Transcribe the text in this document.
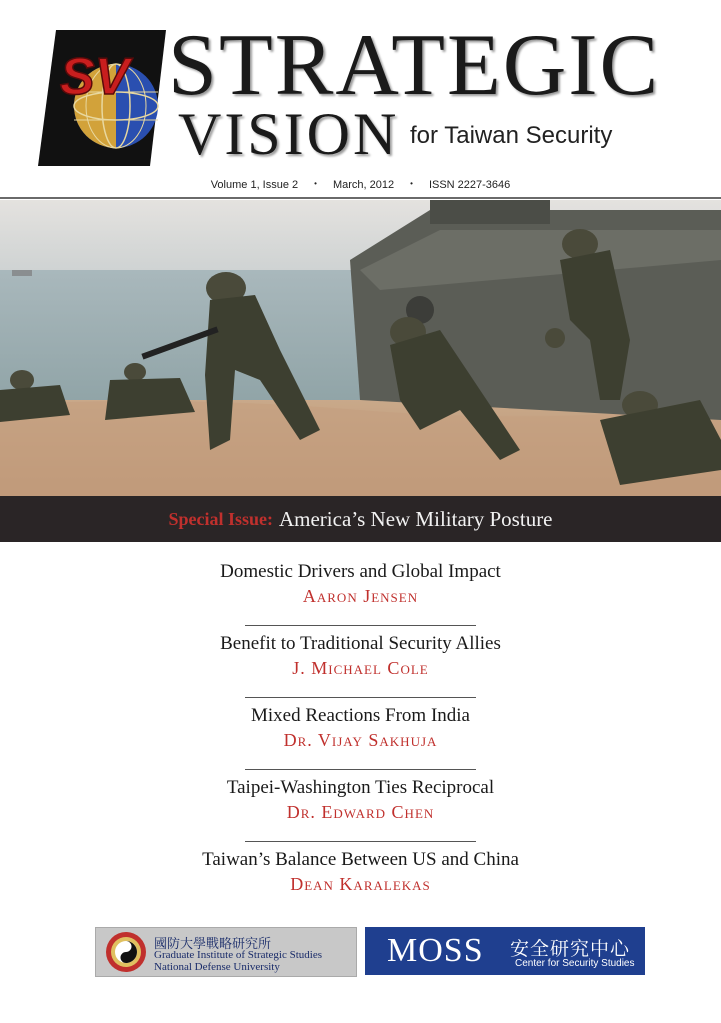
SV STRATEGIC
VISION for Taiwan Security
Volume 1, Issue 2 • March, 2012 • ISSN 2227-3646
Special Issue: America’s New Military Posture
Domestic Drivers and Global Impact
Aaron Jensen
Benefit to Traditional Security Allies
J. Michael Cole
Mixed Reactions From India
Dr. Vijay Sakhuja
Taipei-Washington Ties Reciprocal
Dr. Edward Chen
Taiwan’s Balance Between US and China
Dean Karalekas
國防大學戰略研究所
Graduate Institute of Strategic Studies
National Defense University	MOSS 安全研究中心
Center for Security Studies
